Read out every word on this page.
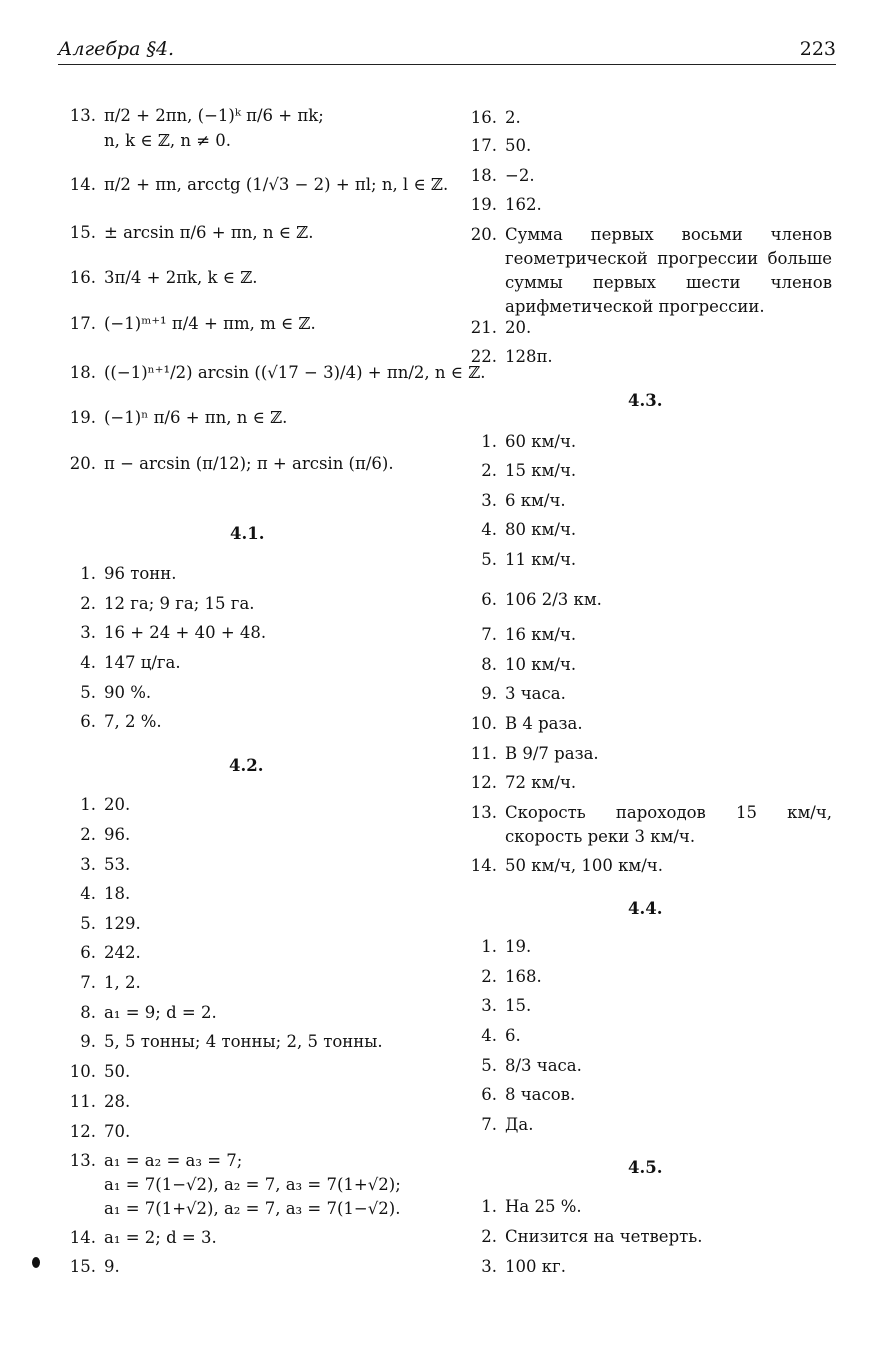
Алгебра §4.	223
13. π/2 + 2πn, (−1)ᵏ π/6 + πk;
n, k ∈ ℤ, n ≠ 0.
14. π/2 + πn, arcctg (1/√3 − 2) + πl; n, l ∈ ℤ.
15. ± arcsin π/6 + πn, n ∈ ℤ.
16. 3π/4 + 2πk, k ∈ ℤ.
17. (−1)ᵐ⁺¹ π/4 + πm, m ∈ ℤ.
18. ((−1)ⁿ⁺¹/2) arcsin ((√17 − 3)/4) + πn/2, n ∈ ℤ.
19. (−1)ⁿ π/6 + πn, n ∈ ℤ.
20. π − arcsin (π/12); π + arcsin (π/6).
4.1.
1. 96 тонн.
2. 12 га; 9 га; 15 га.
3. 16 + 24 + 40 + 48.
4. 147 ц/га.
5. 90 %.
6. 7, 2 %.
4.2.
1. 20.
2. 96.
3. 53.
4. 18.
5. 129.
6. 242.
7. 1, 2.
8. a₁ = 9; d = 2.
9. 5, 5 тонны; 4 тонны; 2, 5 тонны.
10. 50.
11. 28.
12. 70.
13. a₁ = a₂ = a₃ = 7;
a₁ = 7(1−√2), a₂ = 7, a₃ = 7(1+√2);
a₁ = 7(1+√2), a₂ = 7, a₃ = 7(1−√2).
14. a₁ = 2; d = 3.
15. 9.
16. 2.
17. 50.
18. −2.
19. 162.
20. Сумма первых восьми членов геометрической прогрессии больше суммы первых шести членов арифметической прогрессии.
21. 20.
22. 128π.
4.3.
1. 60 км/ч.
2. 15 км/ч.
3. 6 км/ч.
4. 80 км/ч.
5. 11 км/ч.
6. 106 2/3 км.
7. 16 км/ч.
8. 10 км/ч.
9. 3 часа.
10. В 4 раза.
11. В 9/7 раза.
12. 72 км/ч.
13. Скорость пароходов 15 км/ч, скорость реки 3 км/ч.
14. 50 км/ч, 100 км/ч.
4.4.
1. 19.
2. 168.
3. 15.
4. 6.
5. 8/3 часа.
6. 8 часов.
7. Да.
4.5.
1. На 25 %.
2. Снизится на четверть.
3. 100 кг.
